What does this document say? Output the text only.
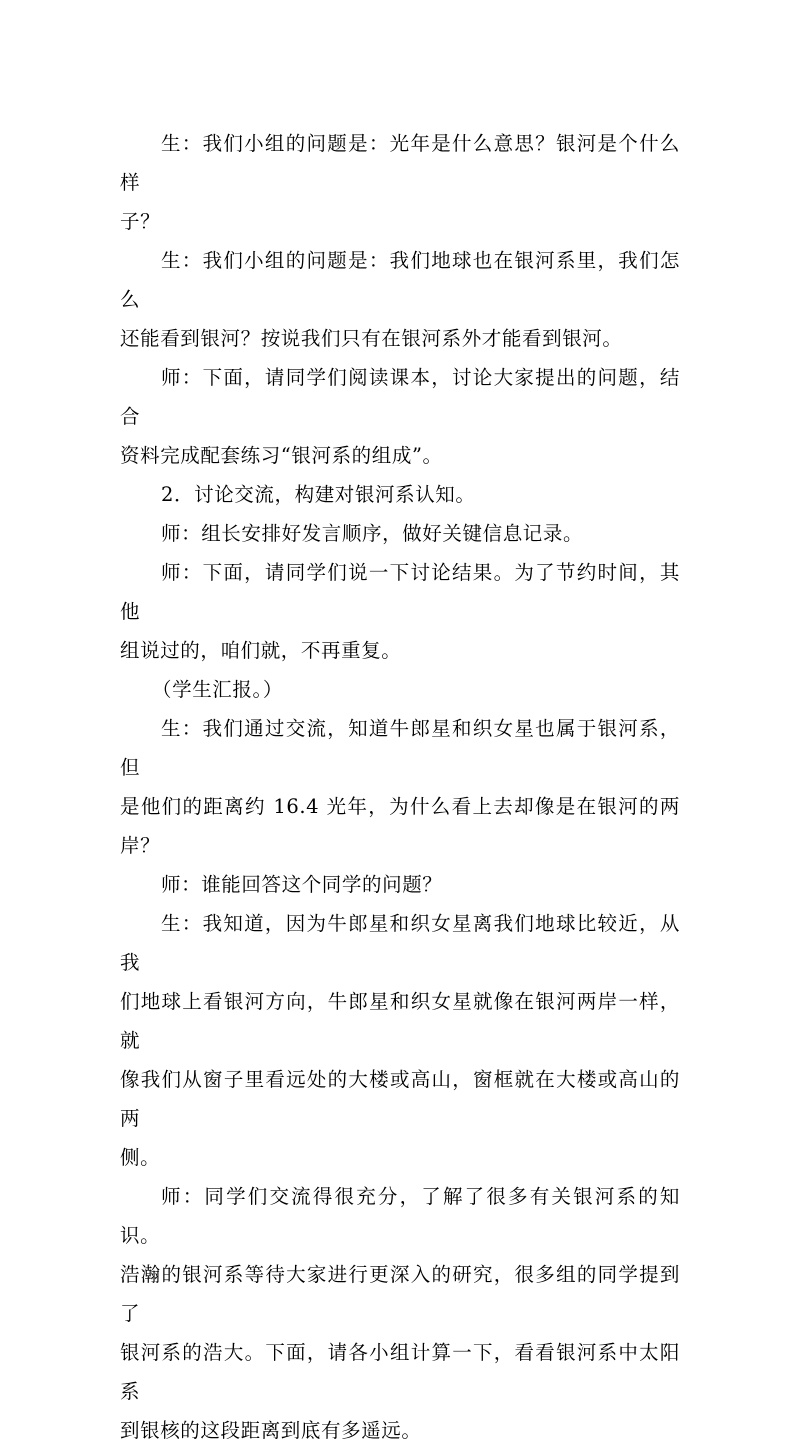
生：我们小组的问题是：光年是什么意思？银河是个什么样
子？

生：我们小组的问题是：我们地球也在银河系里，我们怎么
还能看到银河？按说我们只有在银河系外才能看到银河。

师：下面，请同学们阅读课本，讨论大家提出的问题，结合
资料完成配套练习“银河系的组成”。

2．讨论交流，构建对银河系认知。

师：组长安排好发言顺序，做好关键信息记录。

师：下面，请同学们说一下讨论结果。为了节约时间，其他
组说过的，咱们就，不再重复。

（学生汇报。）

生：我们通过交流，知道牛郎星和织女星也属于银河系，但
是他们的距离约 16.4 光年，为什么看上去却像是在银河的两岸？

师：谁能回答这个同学的问题？

生：我知道，因为牛郎星和织女星离我们地球比较近，从我
们地球上看银河方向，牛郎星和织女星就像在银河两岸一样，就
像我们从窗子里看远处的大楼或高山，窗框就在大楼或高山的两
侧。

师：同学们交流得很充分，了解了很多有关银河系的知识。
浩瀚的银河系等待大家进行更深入的研究，很多组的同学提到了
银河系的浩大。下面，请各小组计算一下，看看银河系中太阳系
到银核的这段距离到底有多遥远。
